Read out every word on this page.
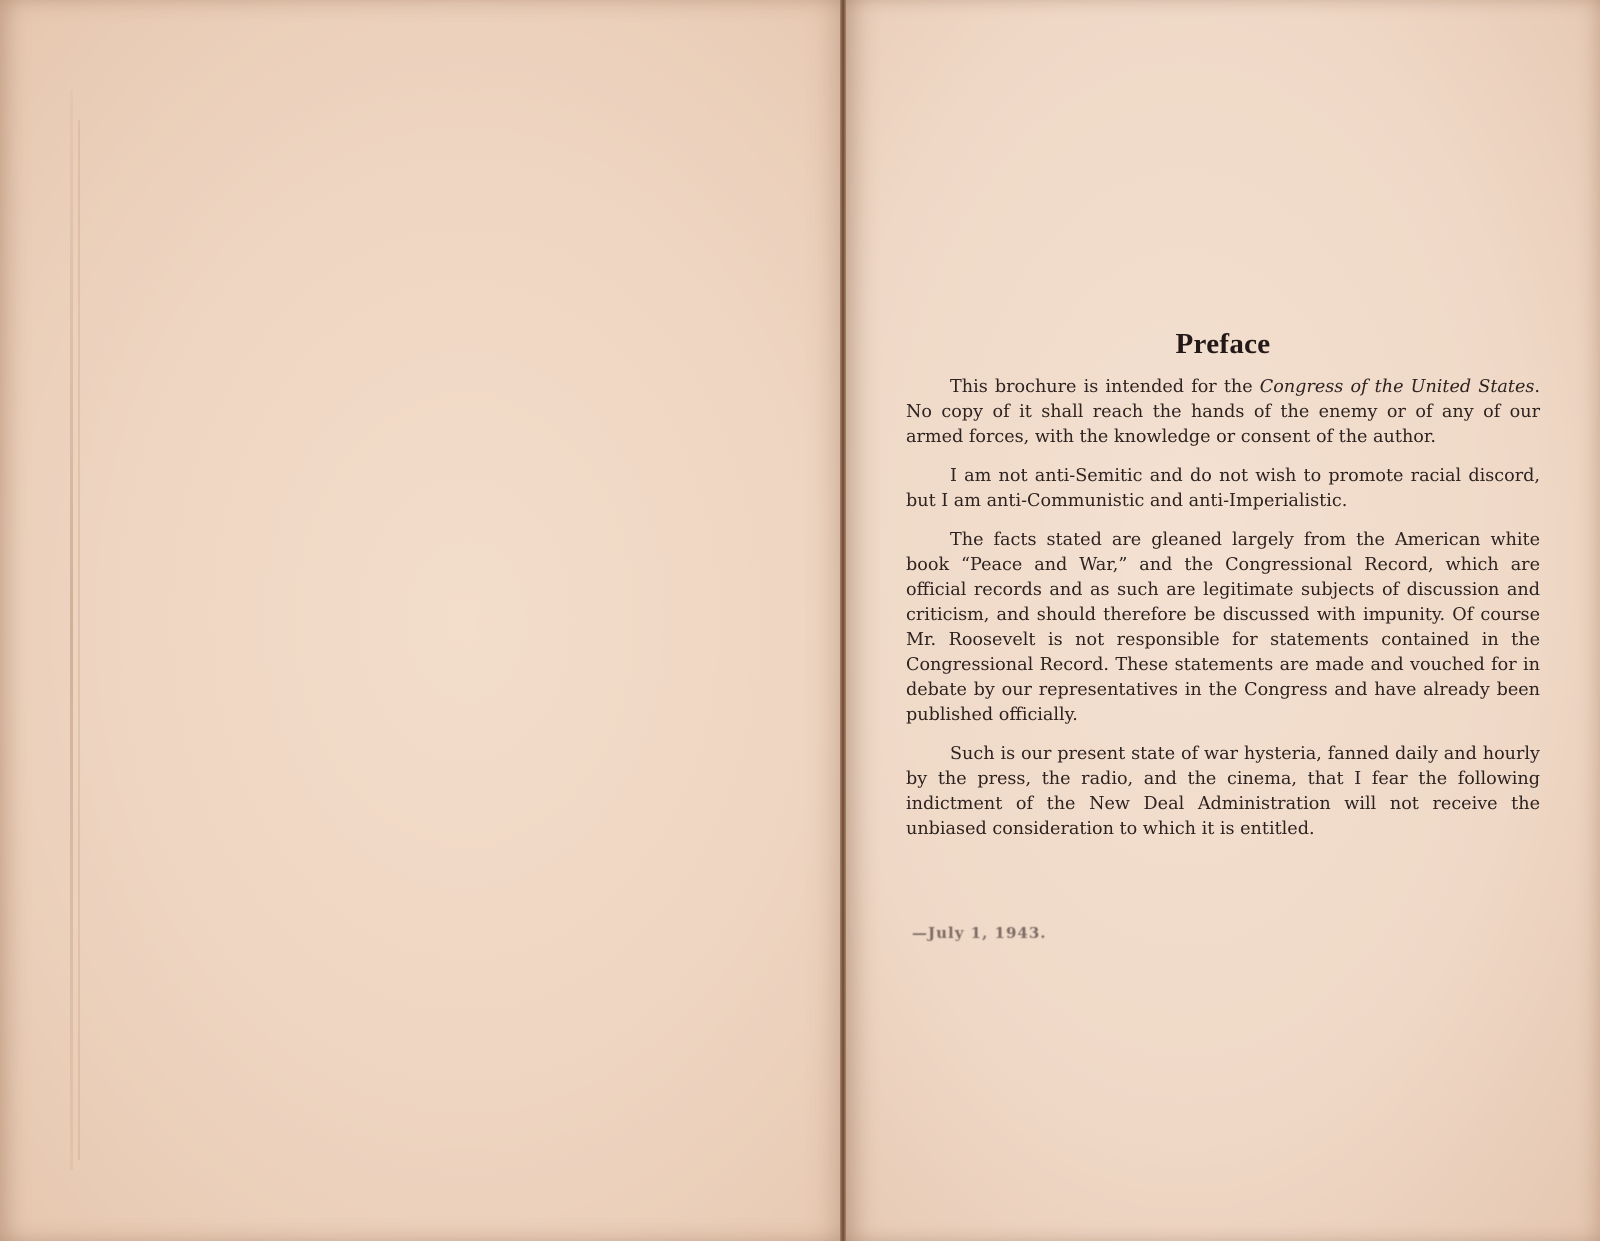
Preface

This brochure is intended for the Congress of the United States. No copy of it shall reach the hands of the enemy or of any of our armed forces, with the knowledge or consent of the author.

I am not anti-Semitic and do not wish to promote racial discord, but I am anti-Communistic and anti-Imperialistic.

The facts stated are gleaned largely from the American white book “Peace and War,” and the Congressional Record, which are official records and as such are legitimate subjects of discussion and criticism, and should therefore be discussed with impunity. Of course Mr. Roosevelt is not responsible for statements contained in the Congressional Record. These statements are made and vouched for in debate by our representatives in the Congress and have already been published officially.

Such is our present state of war hysteria, fanned daily and hourly by the press, the radio, and the cinema, that I fear the following indictment of the New Deal Administration will not receive the unbiased consideration to which it is entitled.

—July 1, 1943.
